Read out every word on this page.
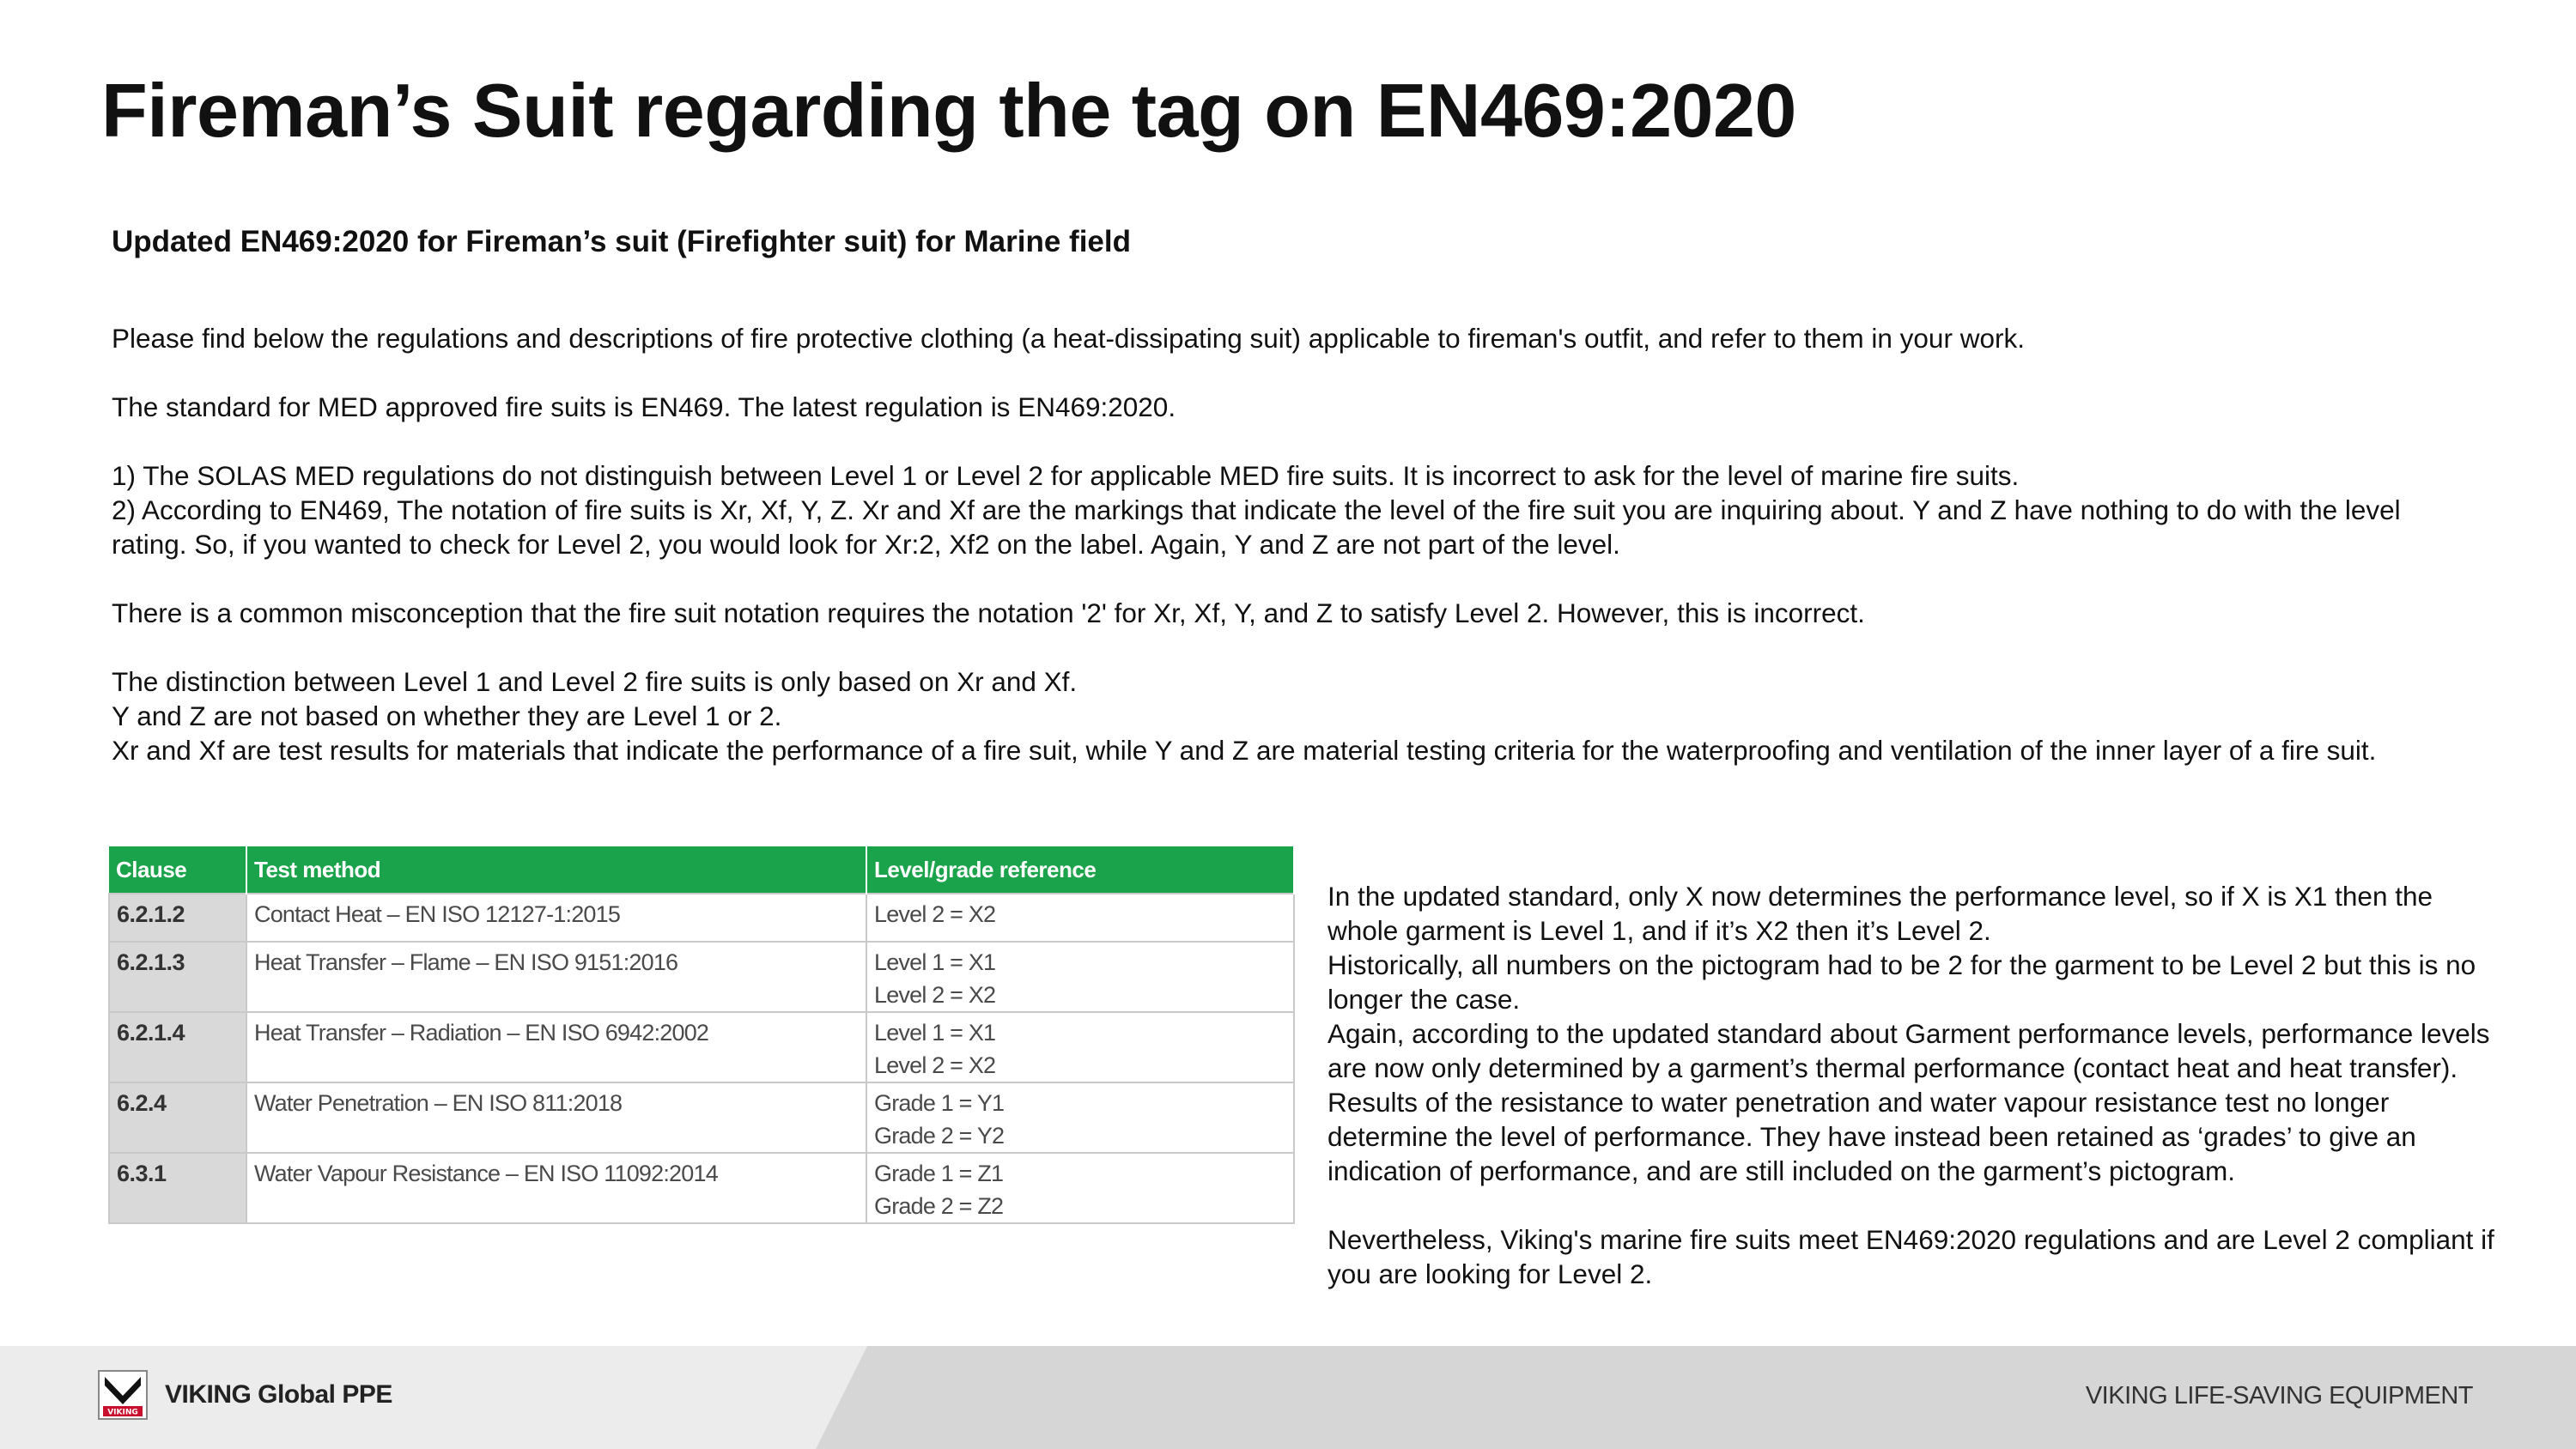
Fireman’s Suit regarding the tag on EN469:2020
Updated EN469:2020 for Fireman’s suit (Firefighter suit) for Marine field

Please find below the regulations and descriptions of fire protective clothing (a heat-dissipating suit) applicable to fireman's outfit, and refer to them in your work.

The standard for MED approved fire suits is EN469. The latest regulation is EN469:2020.

1) The SOLAS MED regulations do not distinguish between Level 1 or Level 2 for applicable MED fire suits. It is incorrect to ask for the level of marine fire suits.

2) According to EN469, The notation of fire suits is Xr, Xf, Y, Z. Xr and Xf are the markings that indicate the level of the fire suit you are inquiring about. Y and Z have nothing to do with the level rating. So, if you wanted to check for Level 2, you would look for Xr:2, Xf2 on the label. Again, Y and Z are not part of the level.

There is a common misconception that the fire suit notation requires the notation '2' for Xr, Xf, Y, and Z to satisfy Level 2. However, this is incorrect.

The distinction between Level 1 and Level 2 fire suits is only based on Xr and Xf.

Y and Z are not based on whether they are Level 1 or 2.

Xr and Xf are test results for materials that indicate the performance of a fire suit, while Y and Z are material testing criteria for the waterproofing and ventilation of the inner layer of a fire suit.

Clause	Test method	Level/grade reference
6.2.1.2	Contact Heat – EN ISO 12127-1:2015	Level 2 = X2

6.2.1.3	Heat Transfer – Flame – EN ISO 9151:2016	Level 1 = X1
Level 2 = X2

6.2.1.4	Heat Transfer – Radiation – EN ISO 6942:2002	Level 1 = X1
Level 2 = X2

6.2.4	Water Penetration – EN ISO 811:2018	Grade 1 = Y1
Grade 2 = Y2

6.3.1	Water Vapour Resistance – EN ISO 11092:2014	Grade 1 = Z1
Grade 2 = Z2

In the updated standard, only X now determines the performance level, so if X is X1 then the whole garment is Level 1, and if it’s X2 then it’s Level 2.

Historically, all numbers on the pictogram had to be 2 for the garment to be Level 2 but this is no longer the case.

Again, according to the updated standard about Garment performance levels, performance levels are now only determined by a garment’s thermal performance (contact heat and heat transfer).

Results of the resistance to water penetration and water vapour resistance test no longer determine the level of performance. They have instead been retained as ‘grades’ to give an indication of performance, and are still included on the garment’s pictogram.

Nevertheless, Viking's marine fire suits meet EN469:2020 regulations and are Level 2 compliant if you are looking for Level 2.

VIKING
VIKING Global PPE	VIKING LIFE-SAVING EQUIPMENT
